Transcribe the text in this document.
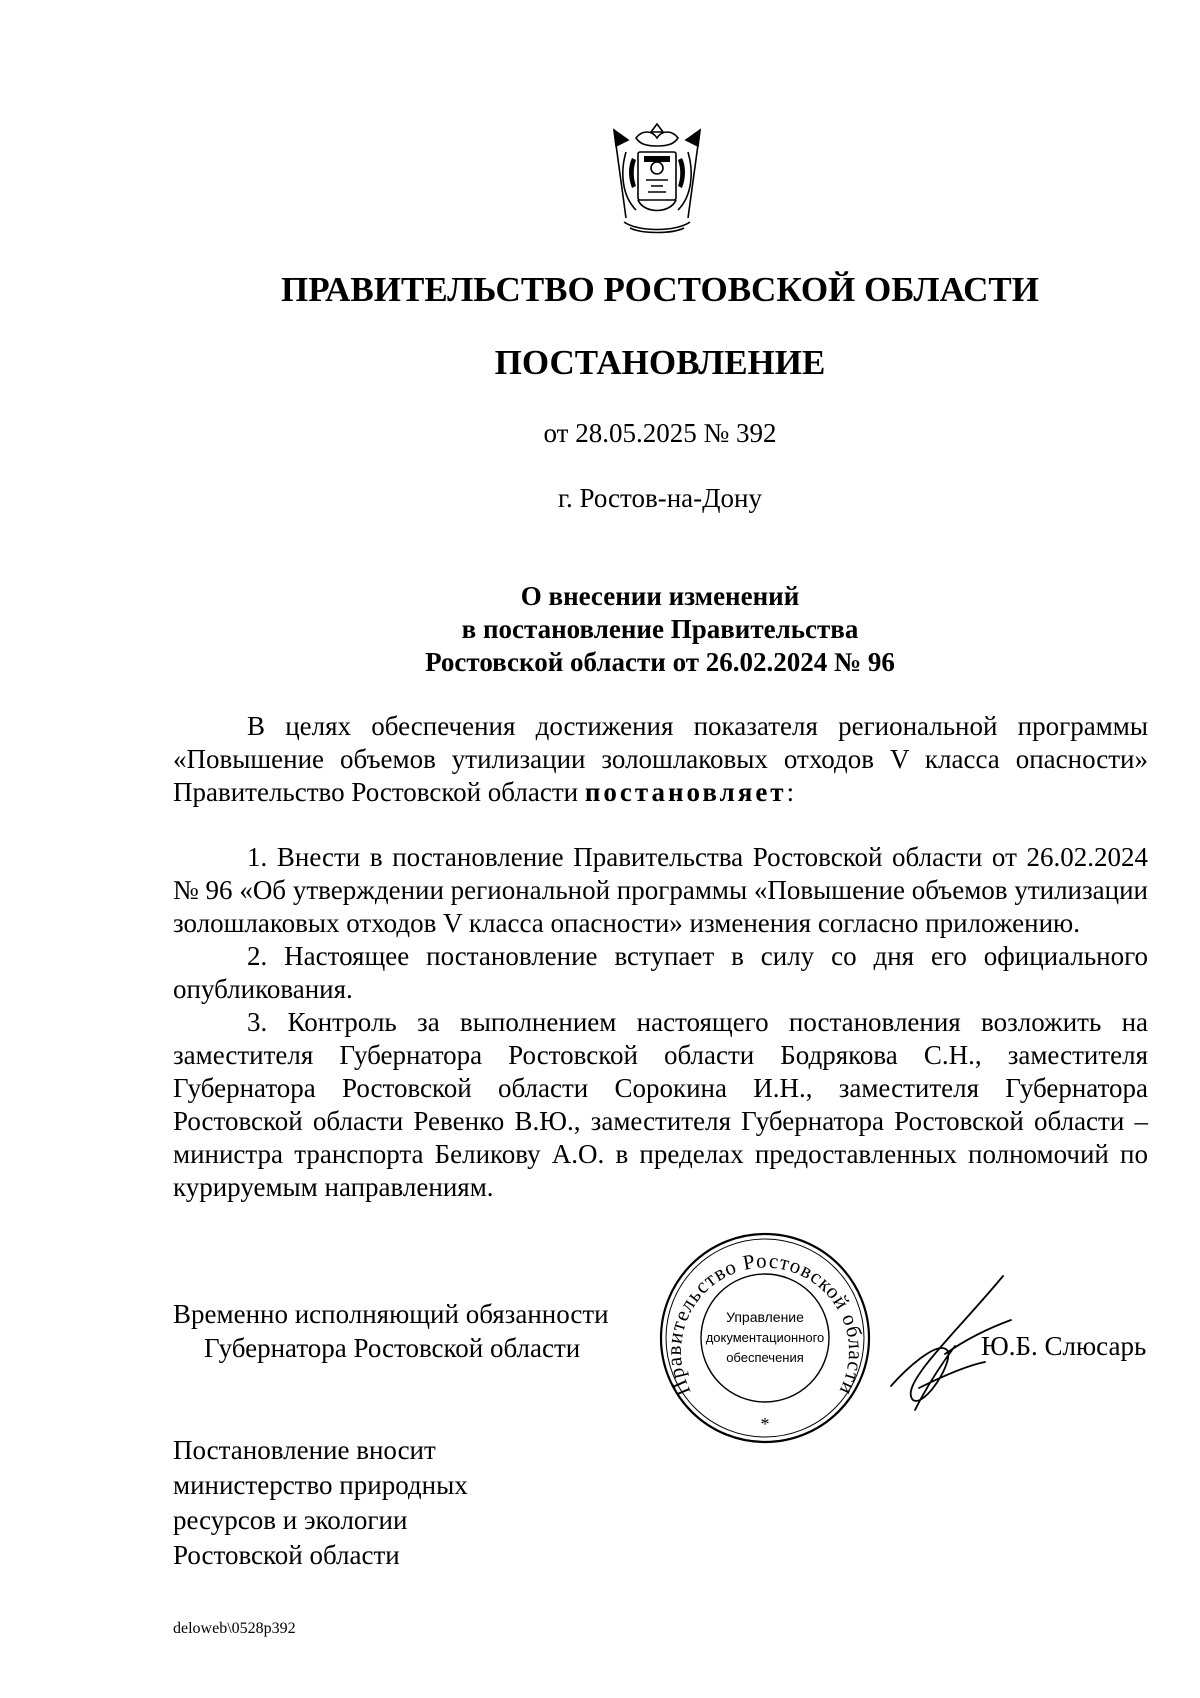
ПРАВИТЕЛЬСТВО РОСТОВСКОЙ ОБЛАСТИ
ПОСТАНОВЛЕНИЕ
от 28.05.2025 № 392
г. Ростов-на-Дону
О внесении изменений
в постановление Правительства
Ростовской области от 26.02.2024 № 96

В целях обеспечения достижения показателя региональной программы «Повышение объемов утилизации золошлаковых отходов V класса опасности» Правительство Ростовской области постановляет:

1. Внести в постановление Правительства Ростовской области от 26.02.2024 № 96 «Об утверждении региональной программы «Повышение объемов утилизации золошлаковых отходов V класса опасности» изменения согласно приложению.

2. Настоящее постановление вступает в силу со дня его официального опубликования.

3. Контроль за выполнением настоящего постановления возложить на заместителя Губернатора Ростовской области Бодрякова С.Н., заместителя Губернатора Ростовской области Сорокина И.Н., заместителя Губернатора Ростовской области Ревенко В.Ю., заместителя Губернатора Ростовской области – министра транспорта Беликову А.О. в пределах предоставленных полномочий по курируемым направлениям.

Временно исполняющий обязанности
Губернатора Ростовской области
Правительство Ростовской области
Управление
документационного
обеспечения
*
Ю.Б. Слюсарь
Постановление вносит
министерство природных
ресурсов и экологии
Ростовской области
deloweb\0528p392
